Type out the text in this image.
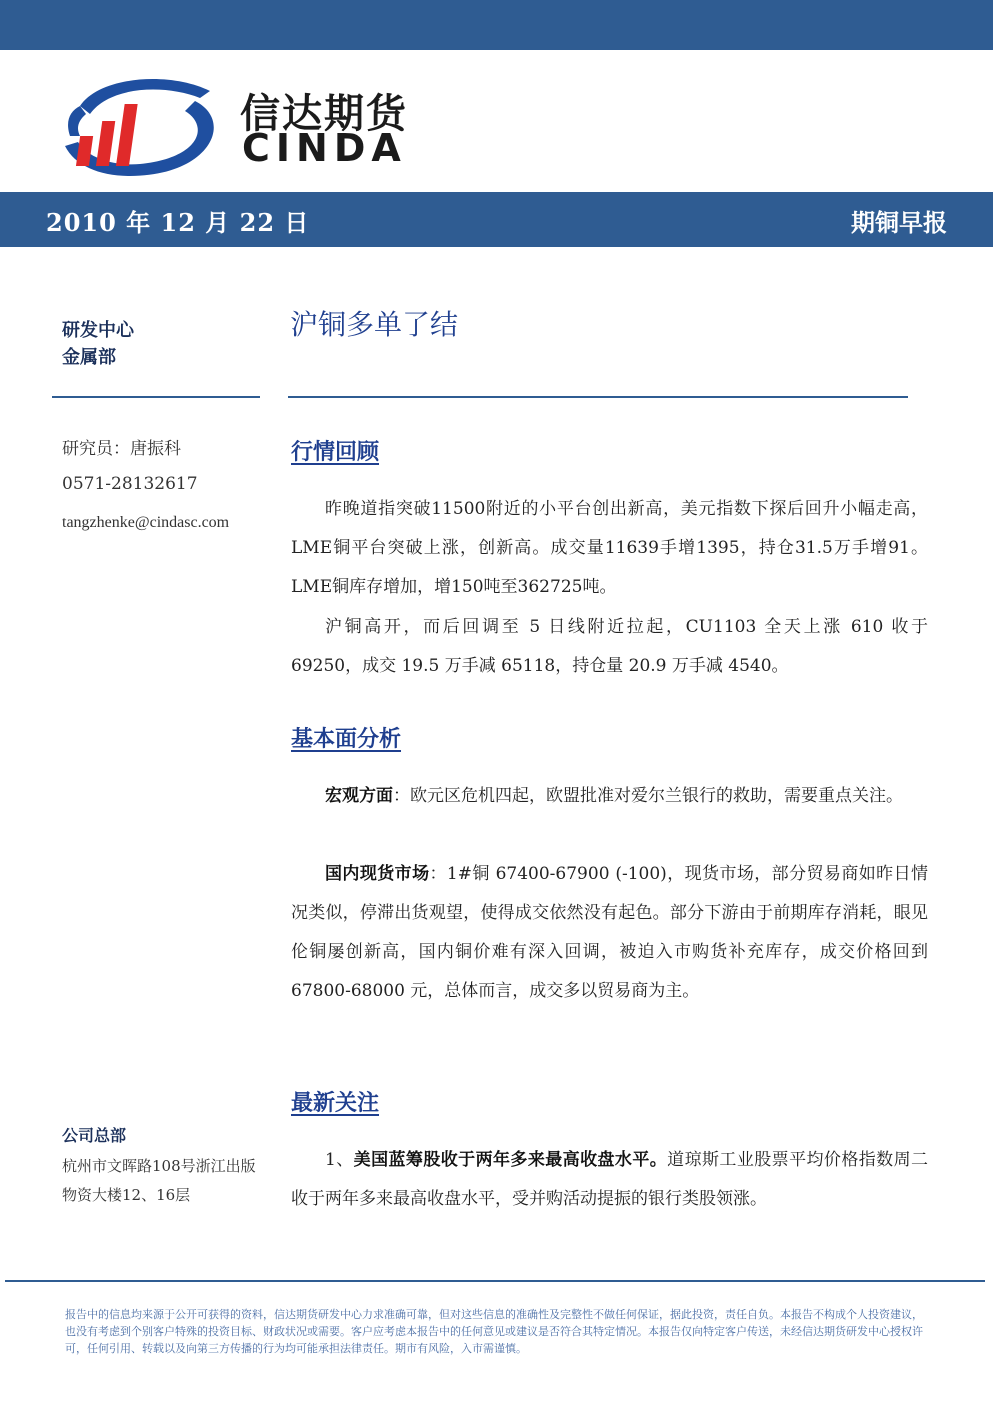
信达期货
CINDA
2010 年 12 月 22 日	期铜早报
研发中心
金属部
沪铜多单了结
研究员：唐振科
0571-28132617
tangzhenke@cindasc.com
行情回顾

昨晚道指突破11500附近的小平台创出新高，美元指数下探后回升小幅走高，LME铜平台突破上涨，创新高。成交量11639手增1395，持仓31.5万手增91。LME铜库存增加，增150吨至362725吨。

沪铜高开，而后回调至 5 日线附近拉起，CU1103 全天上涨 610 收于 69250，成交 19.5 万手减 65118，持仓量 20.9 万手减 4540。

基本面分析

宏观方面：欧元区危机四起，欧盟批准对爱尔兰银行的救助，需要重点关注。

国内现货市场：1#铜 67400-67900 (-100)，现货市场，部分贸易商如昨日情况类似，停滞出货观望，使得成交依然没有起色。部分下游由于前期库存消耗，眼见伦铜屡创新高，国内铜价难有深入回调，被迫入市购货补充库存，成交价格回到 67800-68000 元，总体而言，成交多以贸易商为主。

公司总部
杭州市文晖路108号浙江出版物资大楼12、16层
最新关注

1、美国蓝筹股收于两年多来最高收盘水平。道琼斯工业股票平均价格指数周二收于两年多来最高收盘水平，受并购活动提振的银行类股领涨。

报告中的信息均来源于公开可获得的资料，信达期货研发中心力求准确可靠，但对这些信息的准确性及完整性不做任何保证，据此投资，责任自负。本报告不构成个人投资建议，也没有考虑到个别客户特殊的投资目标、财政状况或需要。客户应考虑本报告中的任何意见或建议是否符合其特定情况。本报告仅向特定客户传送，未经信达期货研发中心授权许可，任何引用、转载以及向第三方传播的行为均可能承担法律责任。期市有风险，入市需谨慎。
